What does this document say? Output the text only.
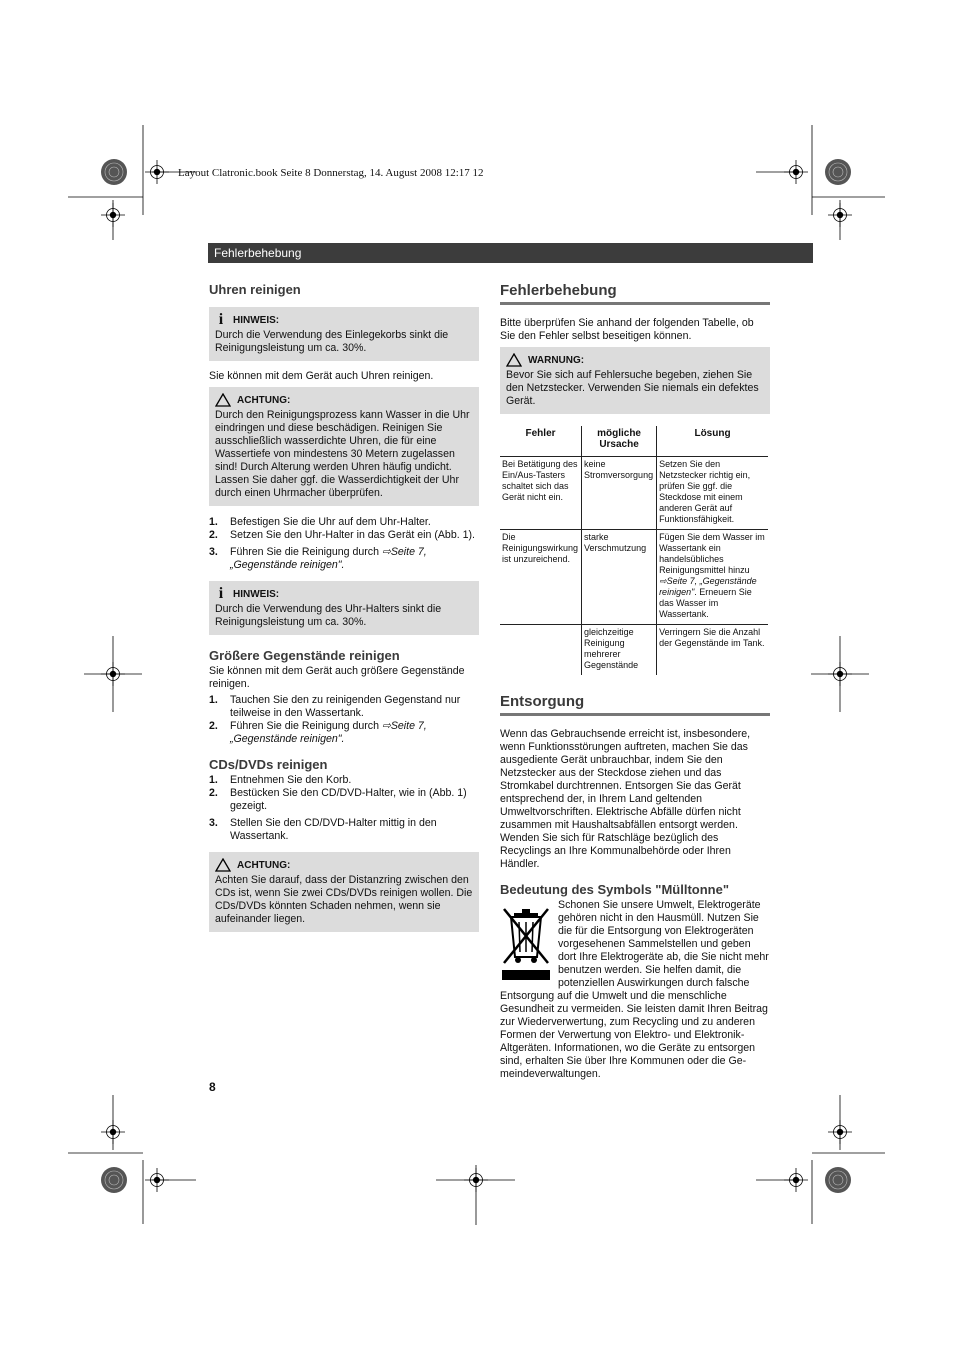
Layout Clatronic.book Seite 8 Donnerstag, 14. August 2008 12:17 12
Fehlerbehebung
Uhren reinigen
i HINWEIS:
Durch die Verwendung des Einlegekorbs sinkt die Reinigungsleistung um ca. 30%.

Sie können mit dem Gerät auch Uhren reinigen.

ACHTUNG:
Durch den Reinigungsprozess kann Wasser in die Uhr eindringen und diese beschädigen. Reinigen Sie ausschließlich wasserdichte Uhren, die für eine Wassertiefe von mindestens 30 Metern zugelassen sind! Durch Alterung werden Uhren häufig undicht. Lassen Sie daher ggf. die Wasserdichtigkeit der Uhr durch einen Uhrmacher überprüfen.
1.	Befestigen Sie die Uhr auf dem Uhr-Halter.
2.	Setzen Sie den Uhr-Halter in das Gerät ein (Abb. 1).
3.	Führen Sie die Reinigung durch ⇨Seite 7, „Gegenstände reinigen".
i HINWEIS:
Durch die Verwendung des Uhr-Halters sinkt die Reinigungsleistung um ca. 30%.
Größere Gegenstände reinigen

Sie können mit dem Gerät auch größere Gegenstände reinigen.

1.	Tauchen Sie den zu reinigenden Gegenstand nur teilweise in den Wassertank.
2.	Führen Sie die Reinigung durch ⇨Seite 7, „Gegenstände reinigen".
CDs/DVDs reinigen
1.	Entnehmen Sie den Korb.
2.	Bestücken Sie den CD/DVD-Halter, wie in (Abb. 1) gezeigt.
3.	Stellen Sie den CD/DVD-Halter mittig in den Wassertank.
ACHTUNG:
Achten Sie darauf, dass der Distanzring zwischen den CDs ist, wenn Sie zwei CDs/DVDs reinigen wollen. Die CDs/DVDs könnten Schaden nehmen, wenn sie aufeinander liegen.
Fehlerbehebung

Bitte überprüfen Sie anhand der folgenden Tabelle, ob Sie den Fehler selbst beseitigen können.

WARNUNG:
Bevor Sie sich auf Fehlersuche begeben, ziehen Sie den Netzstecker. Verwenden Sie niemals ein defektes Gerät.
Fehler	mögliche Ursache	Lösung
Bei Betätigung des Ein/Aus-Tasters schaltet sich das Gerät nicht ein.	keine Stromversorgung	Setzen Sie den Netzstecker richtig ein, prüfen Sie ggf. die Steckdose mit einem anderen Gerät auf Funktionsfähigkeit.
Die Reinigungswirkung ist unzureichend.	starke Verschmutzung	Fügen Sie dem Wasser im Wassertank ein handelsübliches Reinigungsmittel hinzu ⇨Seite 7, „Gegenstände reinigen". Erneuern Sie das Wasser im Wassertank.
	gleichzeitige Reinigung mehrerer Gegenstände	Verringern Sie die Anzahl der Gegenstände im Tank.
Entsorgung

Wenn das Gebrauchsende erreicht ist, insbesondere, wenn Funktionsstörungen auftreten, machen Sie das ausgediente Gerät unbrauchbar, indem Sie den Netzstecker aus der Steckdose ziehen und das Stromkabel durchtrennen. Entsorgen Sie das Gerät entsprechend der, in Ihrem Land geltenden Umweltvorschriften. Elektrische Abfälle dürfen nicht zusammen mit Haushaltsabfällen entsorgt werden. Wenden Sie sich für Ratschläge bezüglich des Recyclings an Ihre Kommunalbehörde oder Ihren Händler.

Bedeutung des Symbols "Mülltonne"

Schonen Sie unsere Umwelt, Elektrogeräte gehören nicht in den Hausmüll. Nutzen Sie die für die Entsorgung von Elektrogeräten vorgesehenen Sammelstellen und geben dort Ihre Elektrogeräte ab, die Sie nicht mehr benutzen werden. Sie helfen damit, die potenziellen Auswirkungen durch falsche Entsorgung auf die Umwelt und die menschliche Gesundheit zu vermeiden. Sie leisten damit Ihren Beitrag zur Wiederverwertung, zum Recycling und zu anderen Formen der Verwertung von Elektro- und Elektronik-Altgeräten. Informationen, wo die Geräte zu entsorgen sind, erhalten Sie über Ihre Kommunen oder die Ge-meindeverwaltungen.

8
